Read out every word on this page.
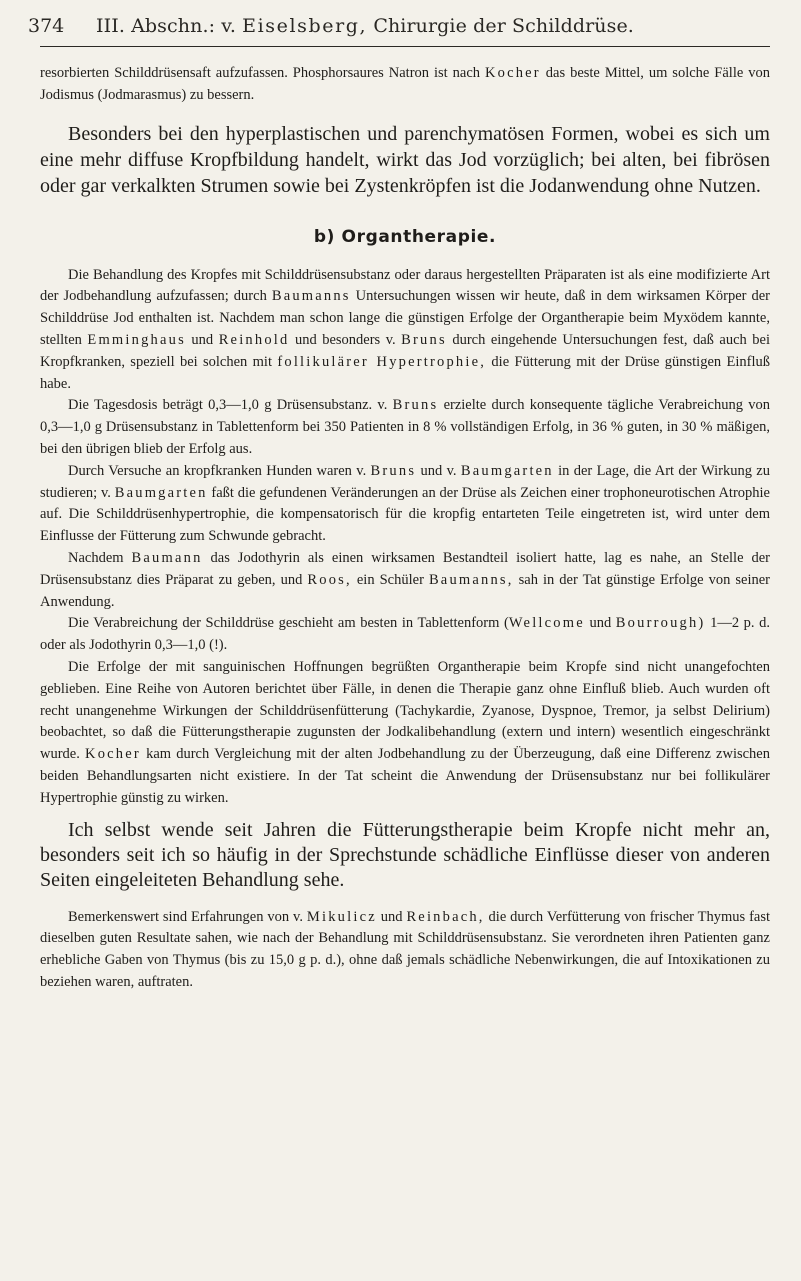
374	III. Abschn.: v. Eiselsberg, Chirurgie der Schilddrüse.

resorbierten Schilddrüsensaft aufzufassen. Phosphorsaures Natron ist nach Kocher das beste Mittel, um solche Fälle von Jodismus (Jodmarasmus) zu bessern.

Besonders bei den hyperplastischen und parenchymatösen Formen, wobei es sich um eine mehr diffuse Kropfbildung handelt, wirkt das Jod vorzüglich; bei alten, bei fibrösen oder gar verkalkten Strumen sowie bei Zystenkröpfen ist die Jodanwendung ohne Nutzen.

b) Organtherapie.

Die Behandlung des Kropfes mit Schilddrüsensubstanz oder daraus hergestellten Präparaten ist als eine modifizierte Art der Jodbehandlung aufzufassen; durch Baumanns Untersuchungen wissen wir heute, daß in dem wirksamen Körper der Schilddrüse Jod enthalten ist. Nachdem man schon lange die günstigen Erfolge der Organtherapie beim Myxödem kannte, stellten Emminghaus und Reinhold und besonders v. Bruns durch eingehende Untersuchungen fest, daß auch bei Kropfkranken, speziell bei solchen mit follikulärer Hypertrophie, die Fütterung mit der Drüse günstigen Einfluß habe.

Die Tagesdosis beträgt 0,3—1,0 g Drüsensubstanz. v. Bruns erzielte durch konsequente tägliche Verabreichung von 0,3—1,0 g Drüsensubstanz in Tablettenform bei 350 Patienten in 8 % vollständigen Erfolg, in 36 % guten, in 30 % mäßigen, bei den übrigen blieb der Erfolg aus.

Durch Versuche an kropfkranken Hunden waren v. Bruns und v. Baumgarten in der Lage, die Art der Wirkung zu studieren; v. Baumgarten faßt die gefundenen Veränderungen an der Drüse als Zeichen einer trophoneurotischen Atrophie auf. Die Schilddrüsenhypertrophie, die kompensatorisch für die kropfig entarteten Teile eingetreten ist, wird unter dem Einflusse der Fütterung zum Schwunde gebracht.

Nachdem Baumann das Jodothyrin als einen wirksamen Bestandteil isoliert hatte, lag es nahe, an Stelle der Drüsensubstanz dies Präparat zu geben, und Roos, ein Schüler Baumanns, sah in der Tat günstige Erfolge von seiner Anwendung.

Die Verabreichung der Schilddrüse geschieht am besten in Tablettenform (Wellcome und Bourrough) 1—2 p. d. oder als Jodothyrin 0,3—1,0 (!).

Die Erfolge der mit sanguinischen Hoffnungen begrüßten Organtherapie beim Kropfe sind nicht unangefochten geblieben. Eine Reihe von Autoren berichtet über Fälle, in denen die Therapie ganz ohne Einfluß blieb. Auch wurden oft recht unangenehme Wirkungen der Schilddrüsenfütterung (Tachykardie, Zyanose, Dyspnoe, Tremor, ja selbst Delirium) beobachtet, so daß die Fütterungstherapie zugunsten der Jodkalibehandlung (extern und intern) wesentlich eingeschränkt wurde. Kocher kam durch Vergleichung mit der alten Jodbehandlung zu der Überzeugung, daß eine Differenz zwischen beiden Behandlungsarten nicht existiere. In der Tat scheint die Anwendung der Drüsensubstanz nur bei follikulärer Hypertrophie günstig zu wirken.

Ich selbst wende seit Jahren die Fütterungstherapie beim Kropfe nicht mehr an, besonders seit ich so häufig in der Sprechstunde schädliche Einflüsse dieser von anderen Seiten eingeleiteten Behandlung sehe.

Bemerkenswert sind Erfahrungen von v. Mikulicz und Reinbach, die durch Verfütterung von frischer Thymus fast dieselben guten Resultate sahen, wie nach der Behandlung mit Schilddrüsensubstanz. Sie verordneten ihren Patienten ganz erhebliche Gaben von Thymus (bis zu 15,0 g p. d.), ohne daß jemals schädliche Nebenwirkungen, die auf Intoxikationen zu beziehen waren, auftraten.
